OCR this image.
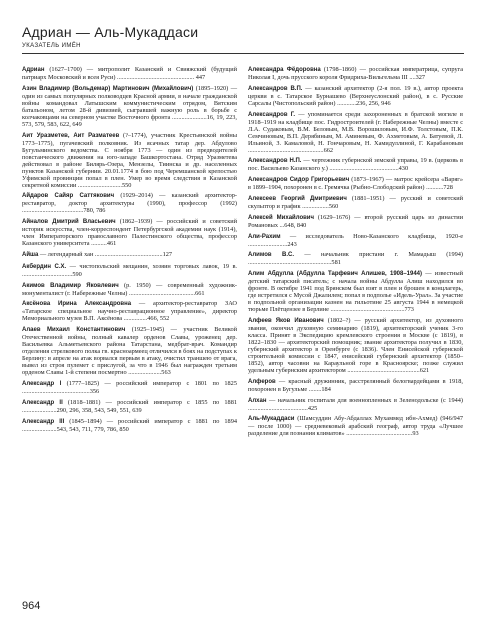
Адриан — Аль-Мукаддаси
УКАЗАТЕЛЬ ИМЁН
Адриан (1627–1700) — митрополит Казанский и Свияжский (будущий патриарх Московский и всея Руси) ................................................. 447
Азин Владимир (Вольдемар) Мартинович (Михайлович) (1895–1920) — один из самых популярных полководцев Красной армии, в начале гражданской войны командовал Латышским коммунистическим отрядом, Вятским батальоном, летом 28-й дивизией, сыгравшей важную роль в борьбе с колчаковцами на северном участке Восточного фронта ......................16, 19, 223, 573, 579, 583, 622, 649
Аит Уразметев, Аит Разматеев (?–1774), участник Крестьянской войны 1773–1775), пугачевский полковник. Из ясачных татар дер. Абдулово Бугульминского ведомства. С ноября 1773 — один из предводителей повстанческого движения на юго-западе Башкортостана. Отряд Уразметева действовал в районе Билярь-Озера, Мензелы, Тиинска и др. населенных пунктов Казанской губернии. 20.01.1774 в бою под Черемшанской крепостью Уфимской провинции попал в плен. Умер во время следствия в Казанской секретной комиссии ............................550
Айдаров Сайяр Саттякович (1929–2014) — казанский архитектор-реставратор, доктор архитектуры (1990), профессор (1992) .......................................780, 786
Айналов Дмитрий Власьевич (1862–1939) — российский и советский историк искусства, член-корреспондент Петербургской академии наук (1914), член Императорского православного Палестинского общества, профессор Казанского университета ..........461
Айша — легендарный хан ...........................................127
Акбердин С.Х. — чистопольский мещанин, хозяин торговых лавок, 19 в. ................................590
Акимов Владимир Яковлевич (р. 1950) — современный художник-монументалист (г. Набережные Челны) ..........................................661
Аксёнова Ирина Александровна — архитектор-реставратор ЗАО «Татарское специальное научно-реставрационное управление», директор Мемориального музея В.П. Аксёнова ...............466, 552
Алаев Михаил Константинович (1925–1945) — участник Великой Отечественной войны, полный кавалер орденов Славы, уроженец дер. Васильевка Альметьевского района Татарстана, медбрат-врач. Командир отделения стрелкового полка гв. красноармеец отличился в боях на подступах к Берлину: в апреле на атак ворвался первым в атаку, очистил траншею от врага, вывел из строя пулемет с прислугой, за что в 1946 был награжден третьим орденом Славы 1-й степени посмертно .....................563
Александр I (1777–1825) — российский император с 1801 по 1825 ...........................................356
Александр II (1818–1881) — российский император с 1855 по 1881 ......................290, 296, 358, 543, 549, 551, 639
Александр III (1845–1894) — российский император с 1881 по 1894 ......................543, 543, 711, 779, 786, 850
Александра Фёдоровна (1798–1860) — российская императрица, супруга Николая I, дочь прусского короля Фридриха-Вильгельма III ....327
Александров В.П. — казанский архитектор (2-я пол. 19 в.), автор проекта церкви в с. Татарское Бурнашево (Верхнеуслонский район), в с. Русские Сарсалы (Чистопольский район) ............236, 256, 946
Александров Г. — упоминается среди захороненных в братской могиле в 1918–1919 на кладбище пос. Гидростроителей (г. Набережные Челны) вместе с Л.А. Судаковым, В.М. Беловым, М.В. Ворошиловым, И.Ф. Толстовым, П.К. Семчиновым, В.П. Дерябиным, М. Аминевым, Ф. Ахметовым, А. Батуевой, Л. Ильиной, З. Камаловой, Н. Гончаровым, Н. Хамидуллиной, Г. Карабановым ................................................662
Александров Н.П. — чертежник губернской земской управы, 19 в. (церковь в пос. Васильево Казанского у.) ............................................430
Александров Сидор Григорьевич (1873–1967) — матрос крейсера «Варяг» в 1899–1904, похоронен в с. Гремячка (Рыбно-Слободский район) ...........728
Алексеев Георгий Дмитриевич (1881–1951) — русский и советский скульптор и график .................560
Алексей Михайлович (1629–1676) — второй русский царь из династии Романовых ...648, 840
Али-Рахим — исследователь Ново-Казанского кладбища, 1920-е .........................243
Алимов В.С. — начальник пристани г. Мамадыш (1994) .....................................................581
Алим Абдулла (Абдулла Тарфевич Алишев, 1908–1944) — известный детский татарский писатель; с начала войны Абдулла Алиш находился во фронте. В октябре 1941 под Брянском был взят в плен и брошен в концлагерь, где встретился с Мусой Джалилем; попал в подполье «Идель-Урал». За участие в подпольной организации казнен на гильотине 25 августа 1944 в немецкой тюрьме Плётцензее в Берлине ...............................................773
Алфеев Яков Иванович (1802–?) — русский архитектор, из духовного звания, окончил духовную семинарию (1819), архитекторский ученик 3-го класса. Принят в Экспедицию кремлевского строения в Москве (с 1819), в 1822–1830 — архитекторский помощник; звание архитектора получил в 1830, губернский архитектор в Оренбурге (с 1836). Член Енисейской губернской строительной комиссии с 1847, енисейский губернский архитектор (1850–1852), автор часовни на Караульной горе в Красноярске; позже служил удельным губернским архитектором ..............................................621
Алферов — красный дружинник, расстрелянный белогвардейцами в 1918, похоронен в Бугульме ........184
Алхан — начальник госпиталя для военнопленных в Зеленодольске (с 1944) ......................................425
Аль-Мукаддаси (Шамсуддин Абу-Абдаллах Мухаммед ибн-Ахмед) (946/947 — после 1000) — средневековый арабский географ, автор труда «Лучшее разделение для познания климатов» ..........................................93
964
